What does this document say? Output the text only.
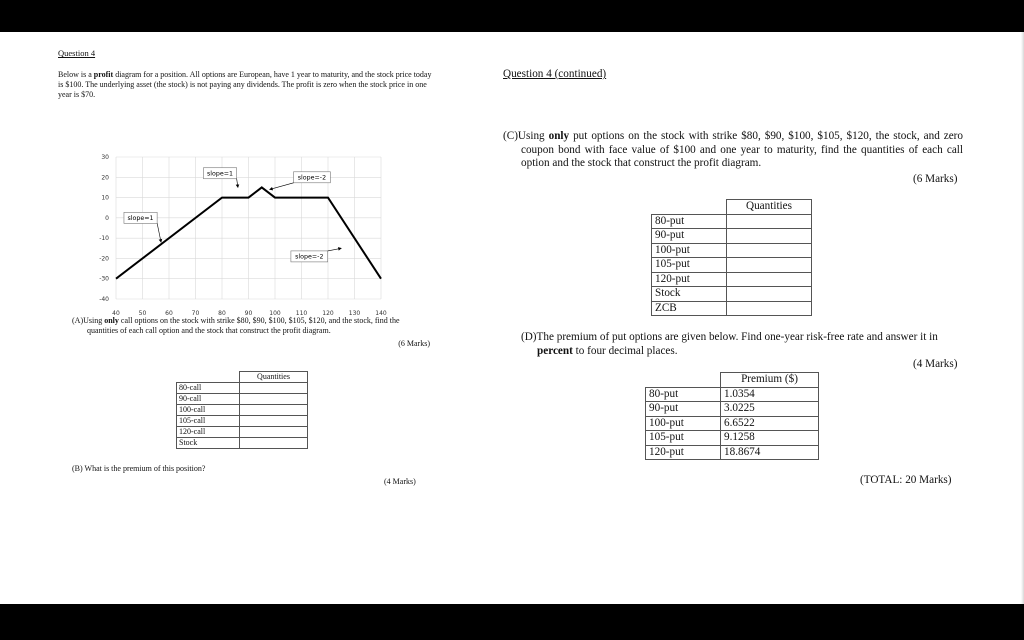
Question 4

Below is a profit diagram for a position. All options are European, have 1 year to maturity, and the stock price today is $100. The underlying asset (the stock) is not paying any dividends. The profit is zero when the stock price in one year is $70.

40	50	60	70	80	90	100	110	120	130	140
30
20
10
0
-10
-20
-30
-40
slope=1
slope=1
slope=-2
slope=-2

(A)Using only call options on the stock with strike $80, $90, $100, $105, $120, and the stock, find the quantities of each call option and the stock that construct the profit diagram.

(6 Marks)

	Quantities
80-call	
90-call	
100-call	
105-call	
120-call	
Stock	

(B) What is the premium of this position?

(4 Marks)

Question 4 (continued)

(C)Using only put options on the stock with strike $80, $90, $100, $105, $120, the stock, and zero coupon bond with face value of $100 and one year to maturity, find the quantities of each call option and the stock that construct the profit diagram.

(6 Marks)

	Quantities
80-put	
90-put	
100-put	
105-put	
120-put	
Stock	
ZCB	

(D)The premium of put options are given below. Find one-year risk-free rate and answer it in percent to four decimal places.

(4 Marks)

	Premium ($)
80-put	1.0354
90-put	3.0225
100-put	6.6522
105-put	9.1258
120-put	18.8674

(TOTAL: 20 Marks)
